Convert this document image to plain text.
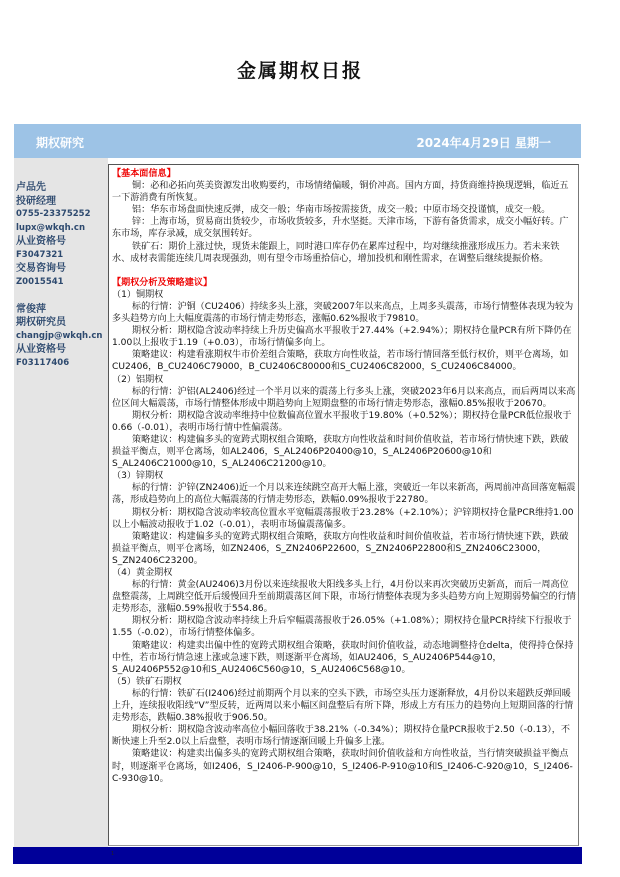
金属期权日报
期权研究	2024年4月29日 星期一
卢品先
投研经理
0755-23375252
lupx@wkqh.cn
从业资格号
F3047321
交易咨询号
Z0015541
常俊萍
期权研究员
changjp@wkqh.cn
从业资格号
F03117406

【基本面信息】

铜：必和必拓向英美资源发出收购要约，市场情绪偏暖，铜价冲高。国内方面，持货商维持换现逻辑，临近五一下游消费有所恢复。

铝：华东市场盘面快速反弹，成交一般；华南市场按需接货，成交一般；中原市场交投谨慎，成交一般。

锌：上海市场，贸易商出货较少，市场收货较多，升水坚挺。天津市场，下游有备货需求，成交小幅好转。广东市场，库存录减，成交氛围转好。

铁矿石：期价上涨过快，现货未能跟上，同时港口库存仍在累库过程中，均对继续推涨形成压力。若未来铁水、成材表需能连续几周表现强劲，则有望令市场重拾信心，增加投机和刚性需求，在调整后继续提振价格。

【期权分析及策略建议】

（1）铜期权

标的行情：沪铜（CU2406）持续多头上涨，突破2007年以来高点，上周多头震荡，市场行情整体表现为较为多头趋势方向上大幅度震荡的市场行情走势形态，涨幅0.62%报收于79810。

期权分析：期权隐含波动率持续上升历史偏高水平报收于27.44%（+2.94%）；期权持仓量PCR有所下降仍在1.00以上报收于1.19（+0.03），市场行情偏多向上。

策略建议：构建看涨期权牛市价差组合策略，获取方向性收益，若市场行情回落至低行权价，则平仓离场，如CU2406，B_CU2406C79000，B_CU2406C80000和S_CU2406C82000，S_CU2406C84000。

（2）铝期权

标的行情：沪铝(AL2406)经过一个半月以来的震荡上行多头上涨，突破2023年6月以来高点，而后两周以来高位区间大幅震荡，市场行情整体形成中期趋势向上短期盘整的市场行情走势形态，涨幅0.85%报收于20670。

期权分析：期权隐含波动率维持中位数偏高位置水平报收于19.80%（+0.52%）；期权持仓量PCR低位报收于0.66（-0.01），表明市场行情中性偏震荡。

策略建议：构建偏多头的宽跨式期权组合策略，获取方向性收益和时间价值收益，若市场行情快速下跌，跌破损益平衡点，则平仓离场，如AL2406，S_AL2406P20400@10，S_AL2406P20600@10和S_AL2406C21000@10，S_AL2406C21200@10。

（3）锌期权

标的行情：沪锌(ZN2406)近一个月以来连续跳空高开大幅上涨，突破近一年以来新高，两周前冲高回落宽幅震荡，形成趋势向上的高位大幅震荡的行情走势形态，跌幅0.09%报收于22780。

期权分析：期权隐含波动率较高位置水平宽幅震荡报收于23.28%（+2.10%）；沪锌期权持仓量PCR维持1.00以上小幅波动报收于1.02（-0.01），表明市场偏震荡偏多。

策略建议：构建偏多头的宽跨式期权组合策略，获取方向性收益和时间价值收益，若市场行情快速下跌，跌破损益平衡点，则平仓离场，如ZN2406，S_ZN2406P22600，S_ZN2406P22800和S_ZN2406C23000，S_ZN2406C23200。

（4）黄金期权

标的行情：黄金(AU2406)3月份以来连续报收大阳线多头上行，4月份以来再次突破历史新高，而后一周高位盘整震荡，上周跳空低开后缓慢回升至前期震荡区间下限，市场行情整体表现为多头趋势方向上短期弱势偏空的行情走势形态，涨幅0.59%报收于554.86。

期权分析：期权隐含波动率持续上升后窄幅震荡报收于26.05%（+1.08%）；期权持仓量PCR持续下行报收于1.55（-0.02），市场行情整体偏多。

策略建议：构建卖出偏中性的宽跨式期权组合策略，获取时间价值收益，动态地调整持仓delta，使得持仓保持中性，若市场行情急速上涨或急速下跌，则逐渐平仓离场，如AU2406，S_AU2406P544@10，S_AU2406P552@10和S_AU2406C560@10，S_AU2406C568@10。

（5）铁矿石期权

标的行情：铁矿石(I2406)经过前期两个月以来的空头下跌，市场空头压力逐渐释放，4月份以来超跌反弹回暖上升，连续报收阳线“V”型反转，近两周以来小幅区间盘整后有所下降，形成上方有压力的趋势向上短期回落的行情走势形态，跌幅0.38%报收于906.50。

期权分析：期权隐含波动率高位小幅回落收于38.21%（-0.34%）；期权持仓量PCR报收于2.50（-0.13），不断快速上升至2.0以上后盘整，表明市场行情逐渐回暖上升偏多上涨。

策略建议：构建卖出偏多头的宽跨式期权组合策略，获取时间价值收益和方向性收益，当行情突破损益平衡点时，则逐渐平仓离场，如I2406，S_I2406-P-900@10，S_I2406-P-910@10和S_I2406-C-920@10，S_I2406-C-930@10。

1
